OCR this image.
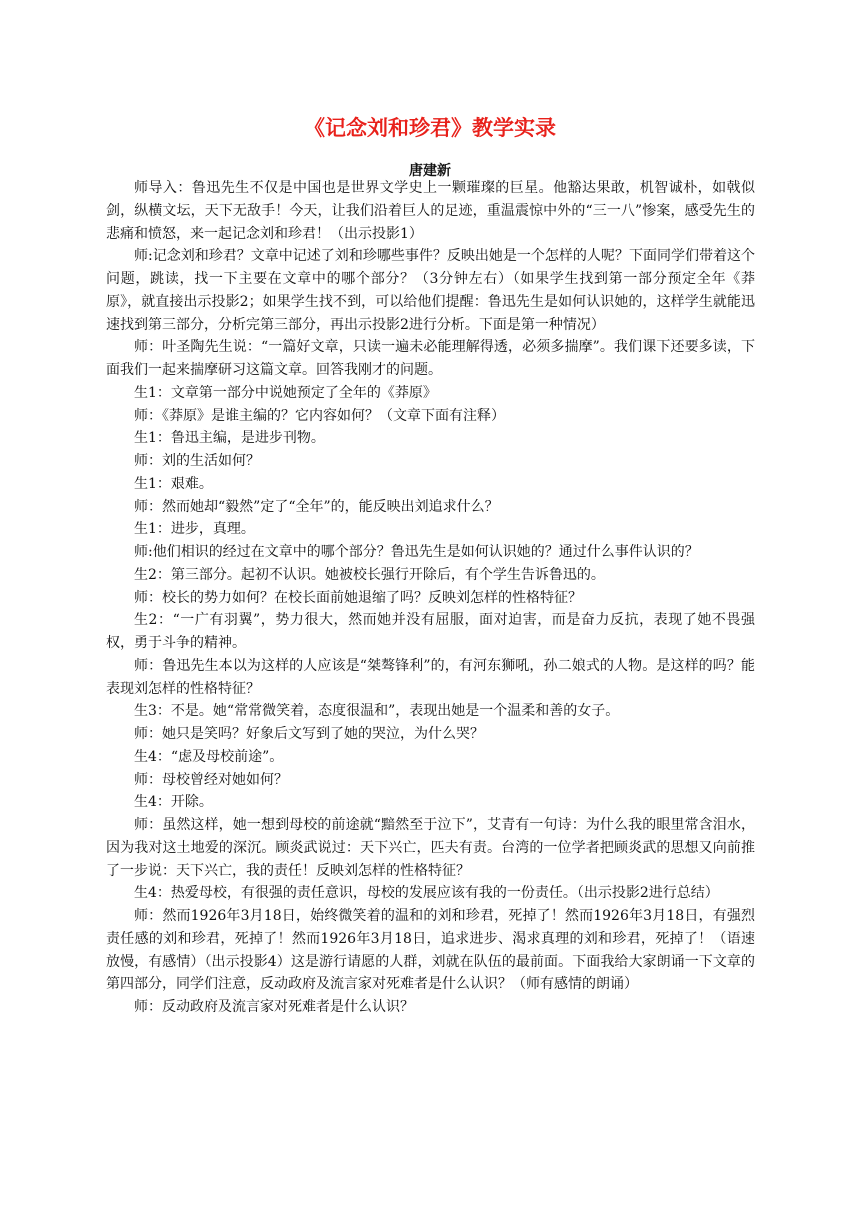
《记念刘和珍君》教学实录
唐建新

师导入：鲁迅先生不仅是中国也是世界文学史上一颗璀璨的巨星。他豁达果敢，机智诚朴，如戟似剑，纵横文坛，天下无敌手！今天，让我们沿着巨人的足迹，重温震惊中外的“三一八”惨案，感受先生的悲痛和愤怒，来一起记念刘和珍君！（出示投影1）

师:记念刘和珍君？文章中记述了刘和珍哪些事件？反映出她是一个怎样的人呢？下面同学们带着这个问题，跳读，找一下主要在文章中的哪个部分？（3分钟左右）（如果学生找到第一部分预定全年《莽原》，就直接出示投影2；如果学生找不到，可以给他们提醒：鲁迅先生是如何认识她的，这样学生就能迅速找到第三部分，分析完第三部分，再出示投影2进行分析。下面是第一种情况）

师：叶圣陶先生说：“一篇好文章，只读一遍未必能理解得透，必须多揣摩”。我们课下还要多读，下面我们一起来揣摩研习这篇文章。回答我刚才的问题。

生1：文章第一部分中说她预定了全年的《莽原》

师：《莽原》是谁主编的？它内容如何？（文章下面有注释）

生1：鲁迅主编，是进步刊物。

师：刘的生活如何？

生1：艰难。

师：然而她却“毅然”定了“全年”的，能反映出刘追求什么？

生1：进步，真理。

师:他们相识的经过在文章中的哪个部分？鲁迅先生是如何认识她的？通过什么事件认识的？

生2：第三部分。起初不认识。她被校长强行开除后，有个学生告诉鲁迅的。

师：校长的势力如何？在校长面前她退缩了吗？反映刘怎样的性格特征？

生2：“一广有羽翼”，势力很大，然而她并没有屈服，面对迫害，而是奋力反抗，表现了她不畏强权，勇于斗争的精神。

师：鲁迅先生本以为这样的人应该是“桀骜锋利”的，有河东狮吼，孙二娘式的人物。是这样的吗？能表现刘怎样的性格特征？

生3：不是。她“常常微笑着，态度很温和”，表现出她是一个温柔和善的女子。

师：她只是笑吗？好象后文写到了她的哭泣，为什么哭？

生4：“虑及母校前途”。

师：母校曾经对她如何？

生4：开除。

师：虽然这样，她一想到母校的前途就“黯然至于泣下”，艾青有一句诗：为什么我的眼里常含泪水，因为我对这土地爱的深沉。顾炎武说过：天下兴亡，匹夫有责。台湾的一位学者把顾炎武的思想又向前推了一步说：天下兴亡，我的责任！反映刘怎样的性格特征？

生4：热爱母校，有很强的责任意识，母校的发展应该有我的一份责任。（出示投影2进行总结）

师：然而1926年3月18日，始终微笑着的温和的刘和珍君，死掉了！然而1926年3月18日，有强烈责任感的刘和珍君，死掉了！然而1926年3月18日，追求进步、渴求真理的刘和珍君，死掉了！（语速放慢，有感情）（出示投影4）这是游行请愿的人群，刘就在队伍的最前面。下面我给大家朗诵一下文章的第四部分，同学们注意，反动政府及流言家对死难者是什么认识？（师有感情的朗诵）

师：反动政府及流言家对死难者是什么认识？
